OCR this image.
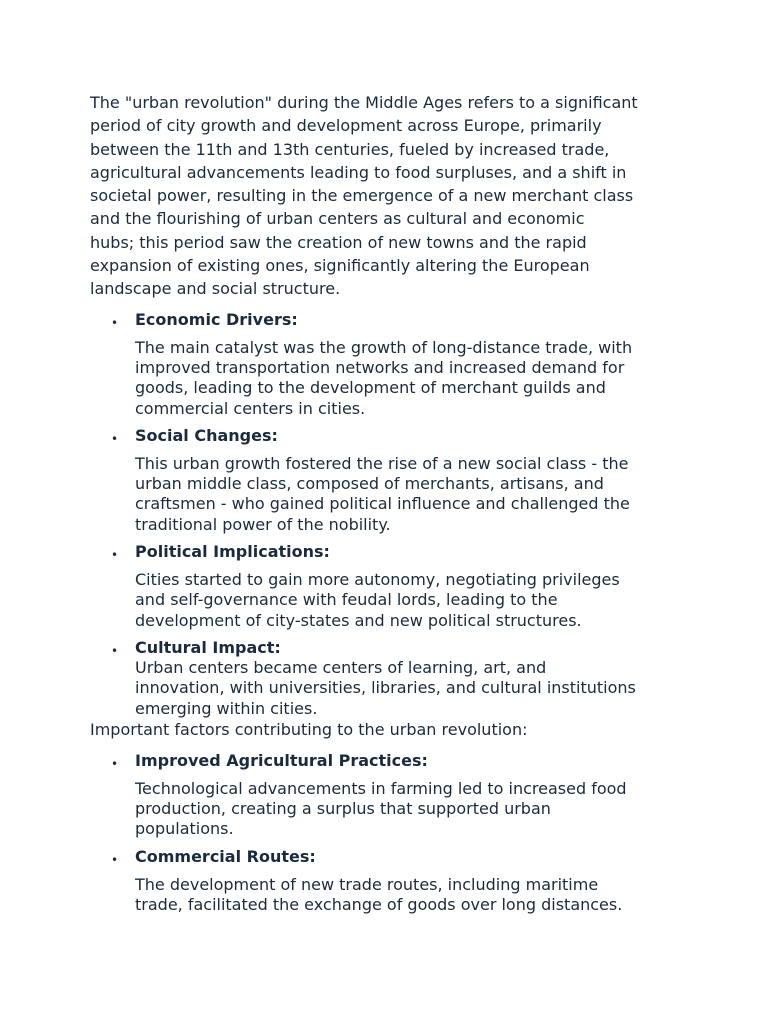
The "urban revolution" during the Middle Ages refers to a significant
period of city growth and development across Europe, primarily
between the 11th and 13th centuries, fueled by increased trade,
agricultural advancements leading to food surpluses, and a shift in
societal power, resulting in the emergence of a new merchant class
and the flourishing of urban centers as cultural and economic
hubs; this period saw the creation of new towns and the rapid
expansion of existing ones, significantly altering the European
landscape and social structure.

• Economic Drivers:
The main catalyst was the growth of long-distance trade, with
improved transportation networks and increased demand for
goods, leading to the development of merchant guilds and
commercial centers in cities.
• Social Changes:
This urban growth fostered the rise of a new social class - the
urban middle class, composed of merchants, artisans, and
craftsmen - who gained political influence and challenged the
traditional power of the nobility.
• Political Implications:
Cities started to gain more autonomy, negotiating privileges
and self-governance with feudal lords, leading to the
development of city-states and new political structures.
• Cultural Impact:
Urban centers became centers of learning, art, and
innovation, with universities, libraries, and cultural institutions
emerging within cities.

Important factors contributing to the urban revolution:

• Improved Agricultural Practices:
Technological advancements in farming led to increased food
production, creating a surplus that supported urban
populations.
• Commercial Routes:
The development of new trade routes, including maritime
trade, facilitated the exchange of goods over long distances.
